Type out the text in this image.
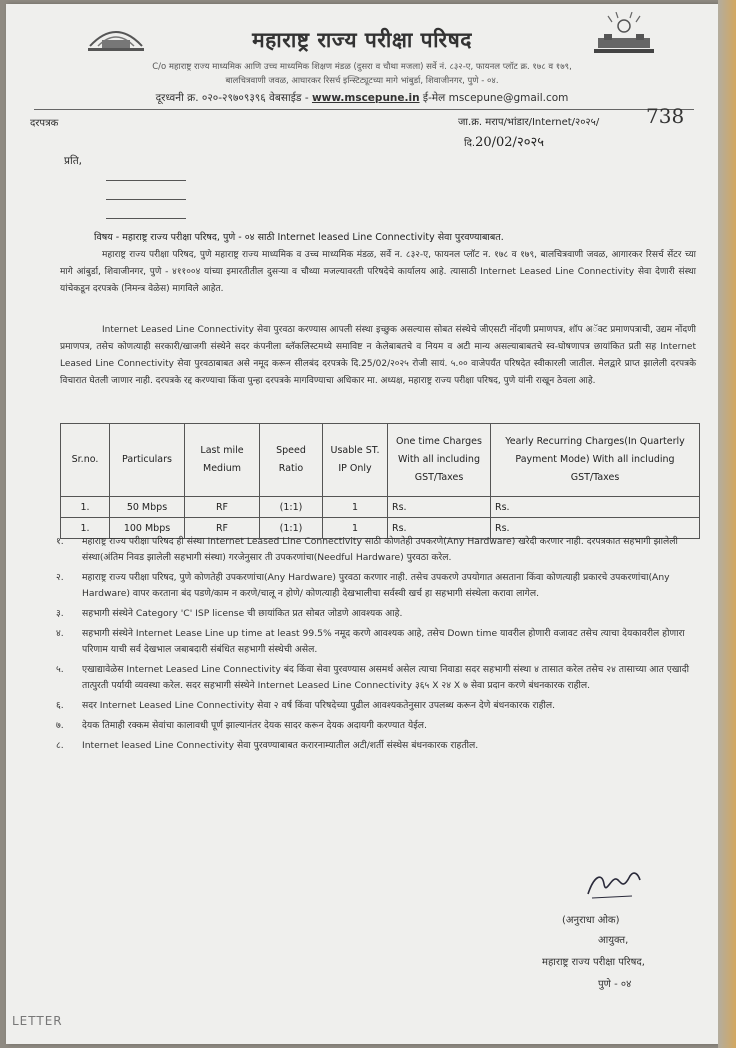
महाराष्ट्र राज्य परीक्षा परिषद
C/o महाराष्ट्र राज्य माध्यमिक आणि उच्च माध्यमिक शिक्षण मंडळ (दुसरा व चौथा मजला) सर्वे नं. ८३२-ए, फायनल प्लॉट क्र. १७८ व १७९,
बालचित्रवाणी जवळ, आघारकर रिसर्च इन्स्टिट्यूटच्या मागे भांबुर्डा, शिवाजीनगर, पुणे - ०४.
दूरध्वनी क्र. ०२०-२९७०९३९६ वेबसाईड - www.mscepune.in ई-मेल mscepune@gmail.com
दरपत्रक	जा.क्र. मराप/भांडार/Internet/२०२५/ 738
दि.20/02/२०२५
प्रति,
विषय - महाराष्ट्र राज्य परीक्षा परिषद, पुणे - ०४ साठी Internet leased Line Connectivity सेवा पुरवण्याबाबत.
महाराष्ट्र राज्य परीक्षा परिषद, पुणे महाराष्ट्र राज्य माध्यमिक व उच्च माध्यमिक मंडळ, सर्वे न. ८३२-ए, फायनल प्लॉट न. १७८ व १७९, बालचित्रवाणी जवळ, आगारकर रिसर्च सेंटर च्या मागे आंबुर्डा, शिवाजीनगर, पुणे - ४११००४ यांच्या इमारतीतील दुसऱ्या व चौथ्या मजल्यावरती परिषदेचे कार्यालय आहे. त्यासाठी Internet Leased Line Connectivity सेवा देणारी संस्था यांचेकडून दरपत्रके (निमन्त्र वेळेस) मागविले आहेत.
Internet Leased Line Connectivity सेवा पुरवठा करण्यास आपली संस्था इच्छुक असल्यास सोबत संस्थेचे जीएसटी नोंदणी प्रमाणपत्र, शॉप अॅक्ट प्रमाणपत्राची, उद्यम नोंदणी प्रमाणपत्र, तसेच कोणत्याही सरकारी/खाजगी संस्थेने सदर कंपनीला ब्लॅकलिस्टमध्ये समाविष्ट न केलेबाबतचे व नियम व अटी मान्य असल्याबाबतचे स्व-घोषणापत्र छायांकित प्रती सह Internet Leased Line Connectivity सेवा पुरवठाबाबत असे नमूद करून सीलबंद दरपत्रके दि.25/02/२०२५ रोजी सायं. ५.०० वाजेपर्यंत परिषदेत स्वीकारली जातील. मेलद्वारे प्राप्त झालेली दरपत्रके विचारात घेतली जाणार नाही. दरपत्रके रद्द करण्याचा किंवा पुन्हा दरपत्रके मागविण्याचा अधिकार मा. अध्यक्ष, महाराष्ट्र राज्य परीक्षा परिषद, पुणे यांनी राखून ठेवला आहे.
Sr.no.	Particulars	Last mile Medium	Speed Ratio	Usable ST. IP Only	One time Charges With all including GST/Taxes	Yearly Recurring Charges(In Quarterly Payment Mode) With all including GST/Taxes
1.	50 Mbps	RF	(1:1)	1	Rs.	Rs.
1.	100 Mbps	RF	(1:1)	1	Rs.	Rs.
१. महाराष्ट्र राज्य परीक्षा परिषद ही संस्था Internet Leased Line Connectivity साठी कोणतेही उपकरणे(Any Hardware) खरेदी करणार नाही. दरपत्रकात सहभागी झालेली संस्था(अंतिम निवड झालेली सहभागी संस्था) गरजेनुसार ती उपकरणांचा(Needful Hardware) पुरवठा करेल.
२. महाराष्ट्र राज्य परीक्षा परिषद, पुणे कोणतेही उपकरणांचा(Any Hardware) पुरवठा करणार नाही. तसेच उपकरणे उपयोगात असताना किंवा कोणत्याही प्रकारचे उपकरणांचा(Any Hardware) वापर करताना बंद पडणे/काम न करणे/चालू न होणे/ कोणत्याही देखभालीचा सर्वस्वी खर्च हा सहभागी संस्थेला करावा लागेल.
३. सहभागी संस्थेने Category 'C' ISP license ची छायांकित प्रत सोबत जोडणे आवश्यक आहे.
४. सहभागी संस्थेने Internet Lease Line up time at least 99.5% नमूद करणे आवश्यक आहे, तसेच Down time यावरील होणारी वजावट तसेच त्याचा देयकावरील होणारा परिणाम याची सर्व देखभाल जबाबदारी संबंधित सहभागी संस्थेची असेल.
५. एखाद्यावेळेस Internet Leased Line Connectivity बंद किंवा सेवा पुरवण्यास असमर्थ असेल त्याचा निवाडा सदर सहभागी संस्था ४ तासात करेल तसेच २४ तासाच्या आत एखादी तात्पुरती पर्यायी व्यवस्था करेल. सदर सहभागी संस्थेने Internet Leased Line Connectivity ३६५ X २४ X ७ सेवा प्रदान करणे बंधनकारक राहील.
६. सदर Internet Leased Line Connectivity सेवा २ वर्ष किंवा परिषदेच्या पुढील आवश्यकतेनुसार उपलब्ध करून देणे बंधनकारक राहील.
७. देयक तिमाही रक्कम सेवांचा कालावधी पूर्ण झाल्यानंतर देयक सादर करून देयक अदायगी करण्यात येईल.
८. Internet leased Line Connectivity सेवा पुरवण्याबाबत करारनाम्यातील अटी/शर्ती संस्थेस बंधनकारक राहतील.
(अनुराधा ओक)
आयुक्त,
महाराष्ट्र राज्य परीक्षा परिषद,
पुणे - ०४
LETTER
